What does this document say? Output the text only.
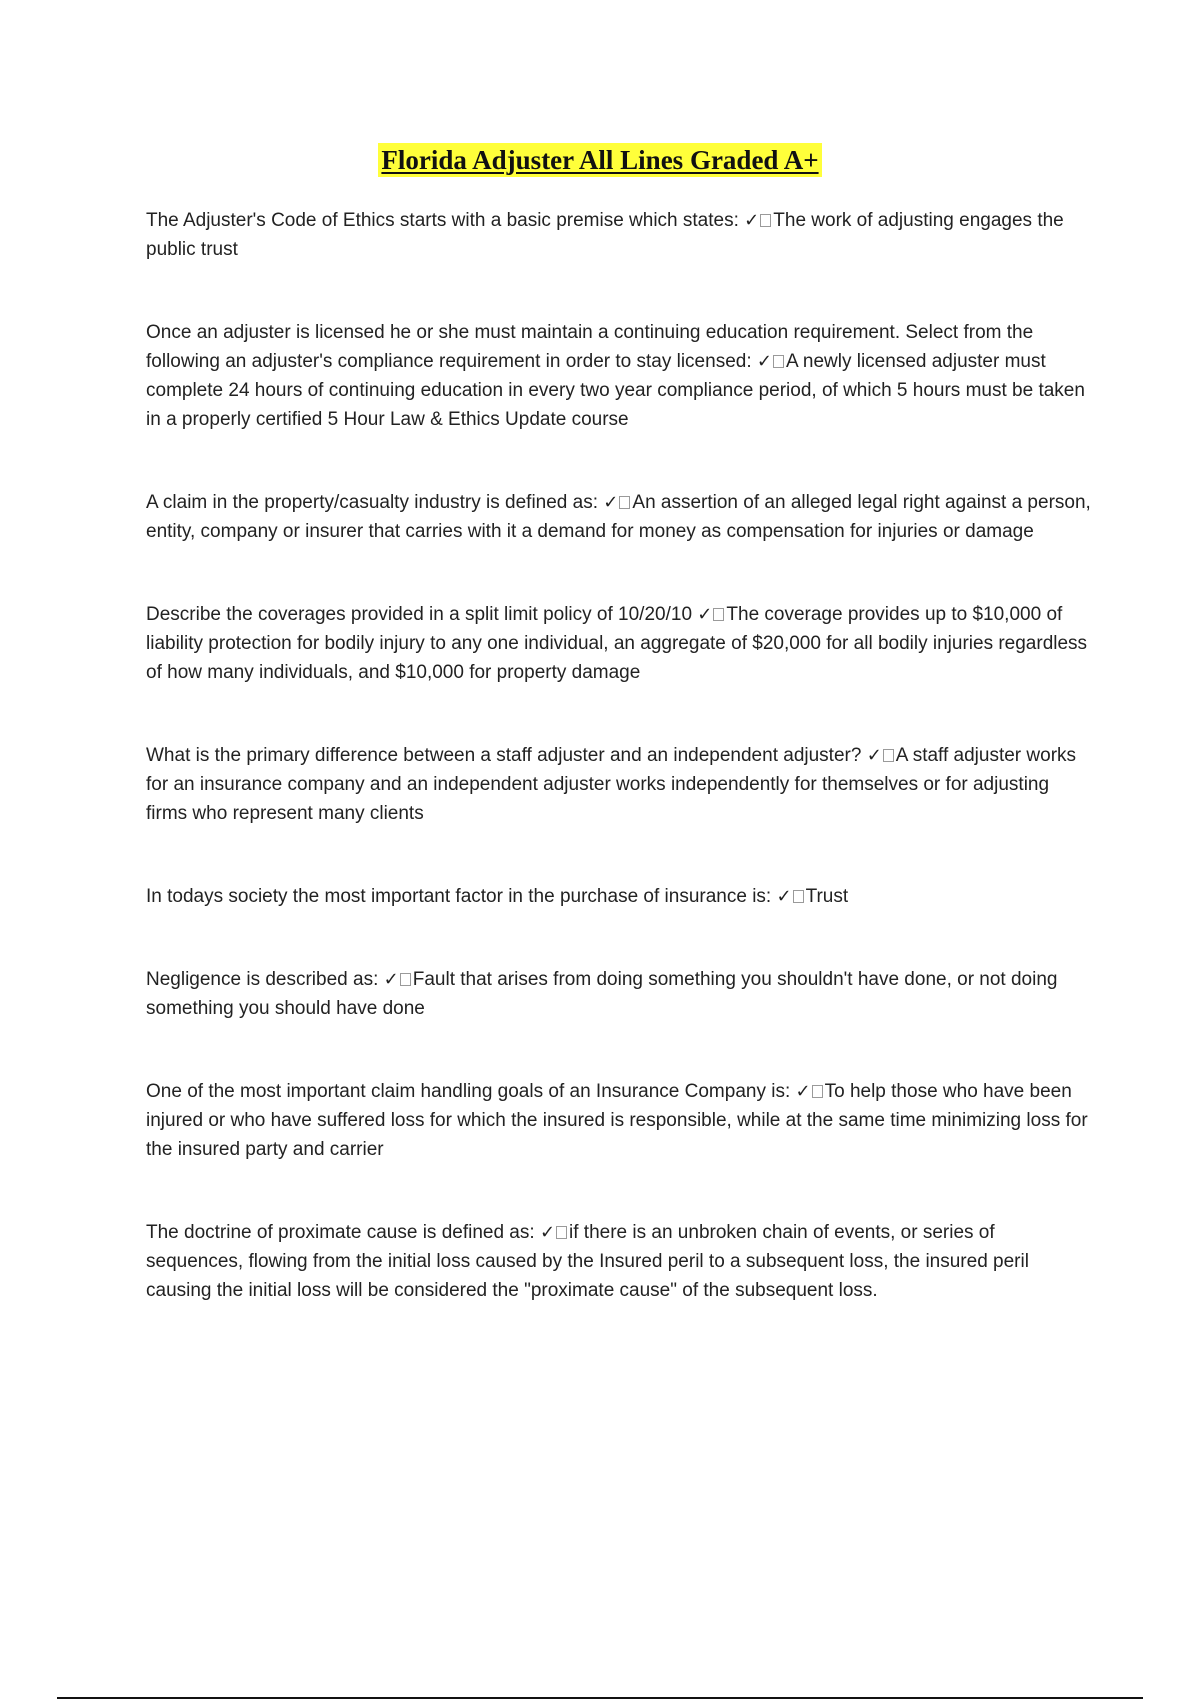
Florida Adjuster All Lines Graded A+

The Adjuster's Code of Ethics starts with a basic premise which states: ✓ The work of adjusting engages the public trust

Once an adjuster is licensed he or she must maintain a continuing education requirement. Select from the following an adjuster's compliance requirement in order to stay licensed: ✓ A newly licensed adjuster must complete 24 hours of continuing education in every two year compliance period, of which 5 hours must be taken in a properly certified 5 Hour Law & Ethics Update course

A claim in the property/casualty industry is defined as: ✓ An assertion of an alleged legal right against a person, entity, company or insurer that carries with it a demand for money as compensation for injuries or damage

Describe the coverages provided in a split limit policy of 10/20/10 ✓ The coverage provides up to $10,000 of liability protection for bodily injury to any one individual, an aggregate of $20,000 for all bodily injuries regardless of how many individuals, and $10,000 for property damage

What is the primary difference between a staff adjuster and an independent adjuster? ✓ A staff adjuster works for an insurance company and an independent adjuster works independently for themselves or for adjusting firms who represent many clients

In todays society the most important factor in the purchase of insurance is: ✓ Trust

Negligence is described as: ✓ Fault that arises from doing something you shouldn't have done, or not doing something you should have done

One of the most important claim handling goals of an Insurance Company is: ✓ To help those who have been injured or who have suffered loss for which the insured is responsible, while at the same time minimizing loss for the insured party and carrier

The doctrine of proximate cause is defined as: ✓ if there is an unbroken chain of events, or series of sequences, flowing from the initial loss caused by the Insured peril to a subsequent loss, the insured peril causing the initial loss will be considered the "proximate cause" of the subsequent loss.
